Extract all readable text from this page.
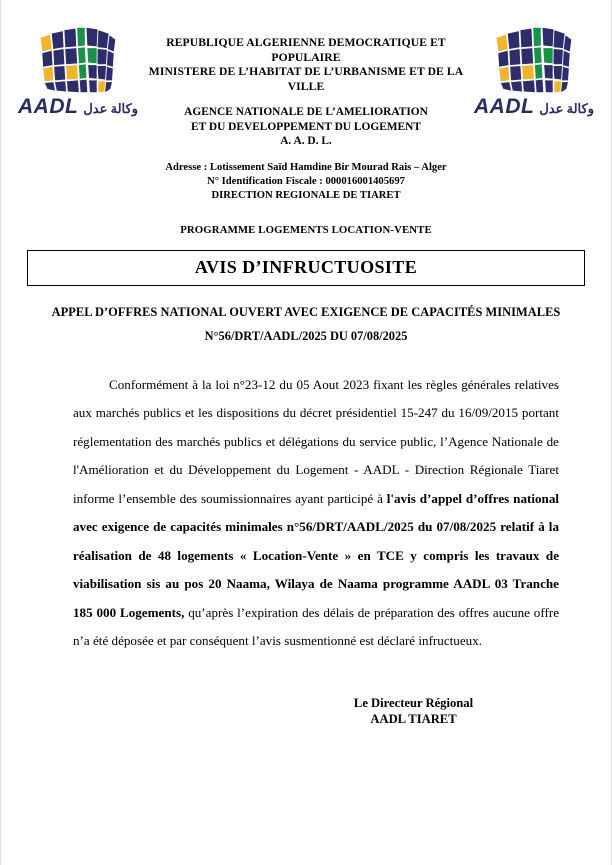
AADL وكالة عدل
REPUBLIQUE ALGERIENNE DEMOCRATIQUE ET POPULAIRE
MINISTERE DE L’HABITAT DE L’URBANISME ET DE LA VILLE
AGENCE NATIONALE DE L’AMELIORATION
ET DU DEVELOPPEMENT DU LOGEMENT
A. A. D. L.
AADL وكالة عدل
Adresse : Lotissement Saïd Hamdine Bir Mourad Rais – Alger
N° Identification Fiscale : 000016001405697
DIRECTION REGIONALE DE TIARET
PROGRAMME LOGEMENTS LOCATION-VENTE
AVIS D’INFRUCTUOSITE
APPEL D’OFFRES NATIONAL OUVERT AVEC EXIGENCE DE CAPACITÉS MINIMALES
N°56/DRT/AADL/2025 DU 07/08/2025
Conformément à la loi n°23-12 du 05 Aout 2023 fixant les règles générales relatives aux marchés publics et les dispositions du décret présidentiel 15-247 du 16/09/2015 portant réglementation des marchés publics et délégations du service public, l’Agence Nationale de l'Amélioration et du Développement du Logement - AADL - Direction Régionale Tiaret informe l’ensemble des soumissionnaires ayant participé à l'avis d’appel d’offres national avec exigence de capacités minimales n°56/DRT/AADL/2025 du 07/08/2025 relatif à la réalisation de 48 logements « Location-Vente » en TCE y compris les travaux de viabilisation sis au pos 20 Naama, Wilaya de Naama programme AADL 03 Tranche 185 000 Logements, qu’après l’expiration des délais de préparation des offres aucune offre n’a été déposée et par conséquent l’avis susmentionné est déclaré infructueux.
Le Directeur Régional
AADL TIARET
